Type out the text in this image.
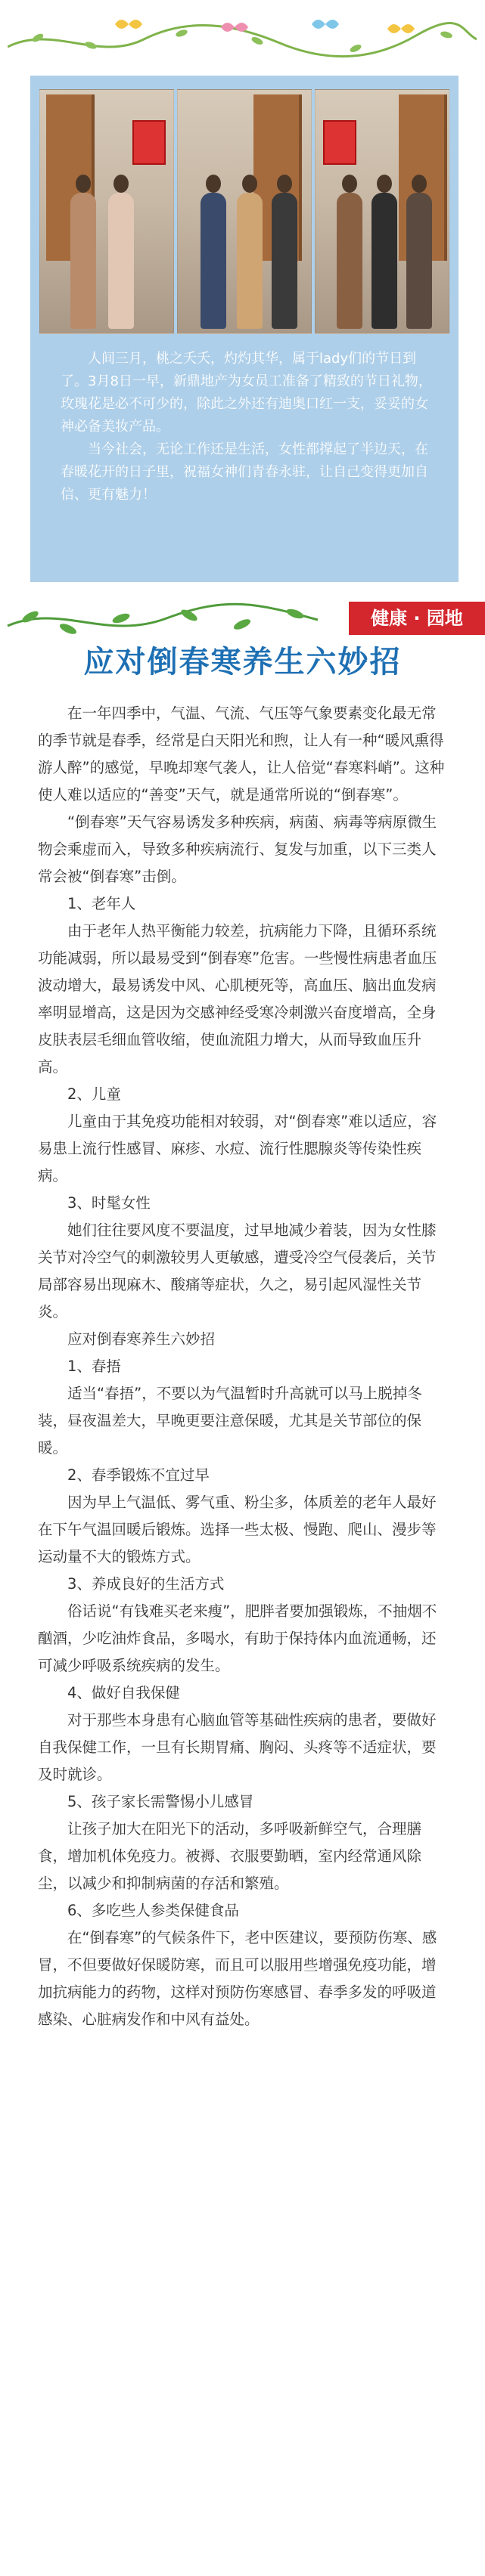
人间三月，桃之夭夭，灼灼其华，属于lady们的节日到了。3月8日一早，新鼎地产为女员工准备了精致的节日礼物，玫瑰花是必不可少的，除此之外还有迪奥口红一支，妥妥的女神必备美妆产品。

当今社会，无论工作还是生活，女性都撑起了半边天，在春暖花开的日子里，祝福女神们青春永驻，让自己变得更加自信、更有魅力！

健康 · 园地
应对倒春寒养生六妙招

在一年四季中，气温、气流、气压等气象要素变化最无常的季节就是春季，经常是白天阳光和煦，让人有一种“暖风熏得游人醉”的感觉，早晚却寒气袭人，让人倍觉“春寒料峭”。这种使人难以适应的“善变”天气，就是通常所说的“倒春寒”。

“倒春寒”天气容易诱发多种疾病，病菌、病毒等病原微生物会乘虚而入，导致多种疾病流行、复发与加重，以下三类人常会被“倒春寒”击倒。

1、老年人

由于老年人热平衡能力较差，抗病能力下降，且循环系统功能减弱，所以最易受到“倒春寒”危害。一些慢性病患者血压波动增大，最易诱发中风、心肌梗死等，高血压、脑出血发病率明显增高，这是因为交感神经受寒冷刺激兴奋度增高，全身皮肤表层毛细血管收缩，使血流阻力增大，从而导致血压升高。

2、儿童

儿童由于其免疫功能相对较弱，对“倒春寒”难以适应，容易患上流行性感冒、麻疹、水痘、流行性腮腺炎等传染性疾病。

3、时髦女性

她们往往要风度不要温度，过早地减少着装，因为女性膝关节对冷空气的刺激较男人更敏感，遭受冷空气侵袭后，关节局部容易出现麻木、酸痛等症状，久之，易引起风湿性关节炎。

应对倒春寒养生六妙招

1、春捂

适当“春捂”，不要以为气温暂时升高就可以马上脱掉冬装，昼夜温差大，早晚更要注意保暖，尤其是关节部位的保暖。

2、春季锻炼不宜过早

因为早上气温低、雾气重、粉尘多，体质差的老年人最好在下午气温回暖后锻炼。选择一些太极、慢跑、爬山、漫步等运动量不大的锻炼方式。

3、养成良好的生活方式

俗话说“有钱难买老来瘦”，肥胖者要加强锻炼，不抽烟不酗酒，少吃油炸食品，多喝水，有助于保持体内血流通畅，还可减少呼吸系统疾病的发生。

4、做好自我保健

对于那些本身患有心脑血管等基础性疾病的患者，要做好自我保健工作，一旦有长期胃痛、胸闷、头疼等不适症状，要及时就诊。

5、孩子家长需警惕小儿感冒

让孩子加大在阳光下的活动，多呼吸新鲜空气，合理膳食，增加机体免疫力。被褥、衣服要勤晒，室内经常通风除尘，以减少和抑制病菌的存活和繁殖。

6、多吃些人参类保健食品

在“倒春寒”的气候条件下，老中医建议，要预防伤寒、感冒，不但要做好保暖防寒，而且可以服用些增强免疫功能，增加抗病能力的药物，这样对预防伤寒感冒、春季多发的呼吸道感染、心脏病发作和中风有益处。
